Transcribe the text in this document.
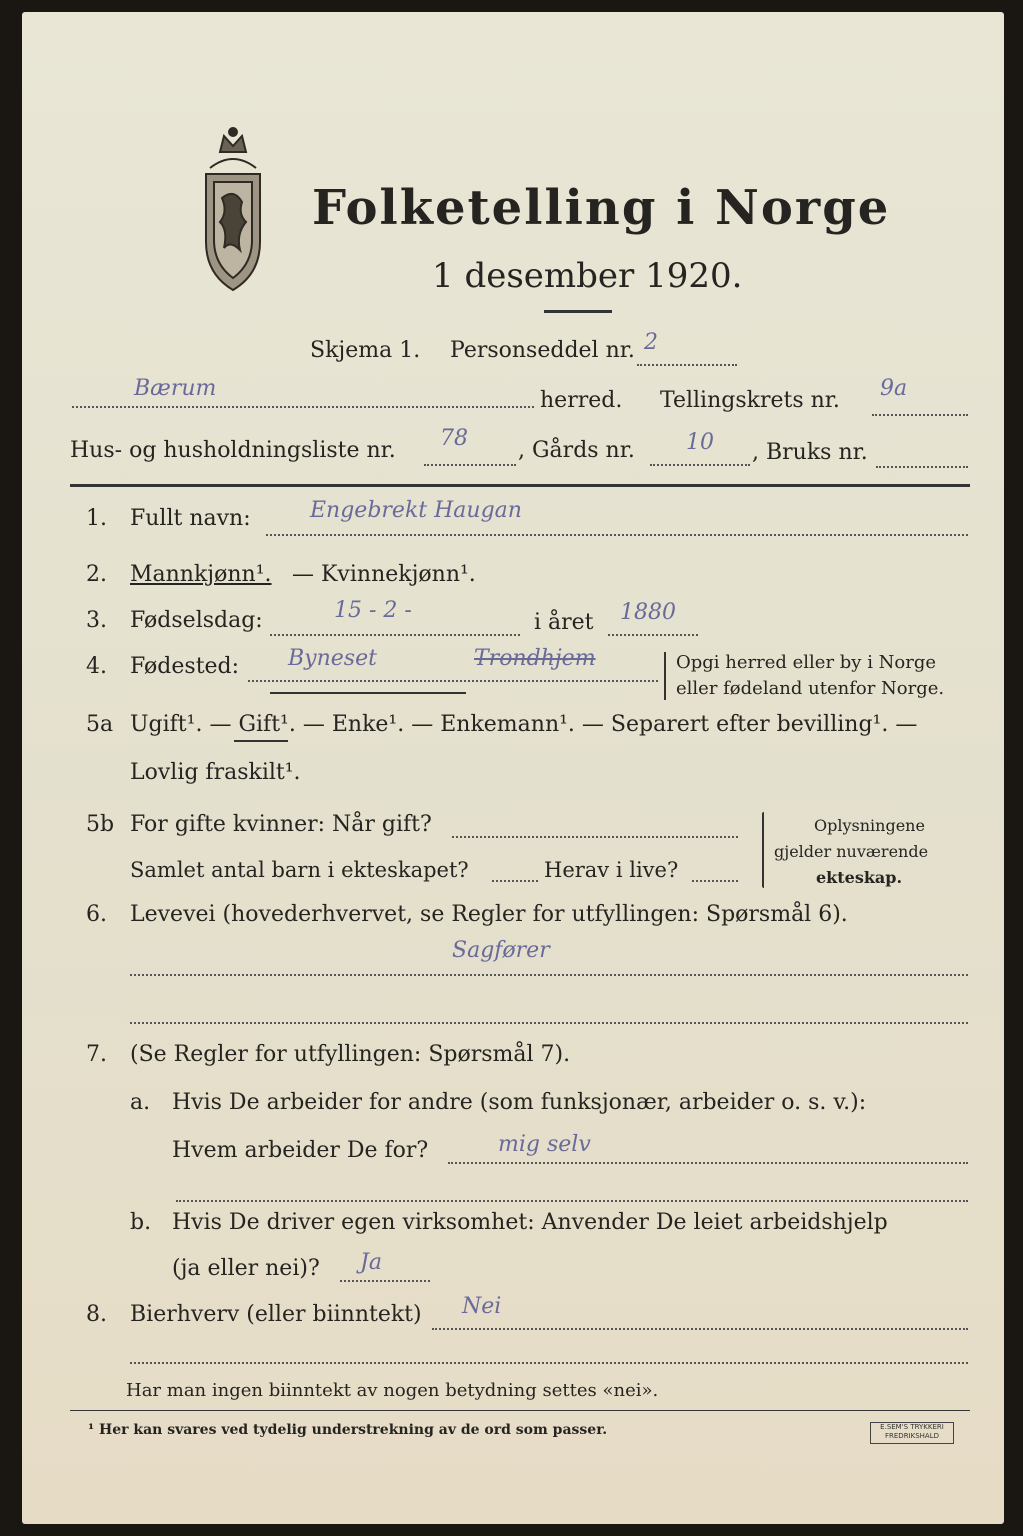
Folketelling i Norge
1 desember 1920.
Skjema 1. Personseddel nr. 2
Bærum	herred. Tellingskrets nr. 9a
Hus- og husholdningsliste nr. 78 , Gårds nr. 10 , Bruks nr.
1. Fullt navn:	Engebrekt Haugan
2. Mannkjønn¹. — Kvinnekjønn¹.
3. Fødselsdag:	15 - 2 -	i året 1880
4. Fødested: Byneset	Trondhjem	Opgi herred eller by i Norge
eller fødeland utenfor Norge.
5a Ugift¹. — Gift¹. — Enke¹. — Enkemann¹. — Separert efter bevilling¹. —
Lovlig fraskilt¹.
5b For gifte kvinner: Når gift?
Samlet antal barn i ekteskapet?	Herav i live?
Oplysningene
gjelder nuværende
ekteskap.
6. Levevei (hovederhvervet, se Regler for utfyllingen: Spørsmål 6).
Sagfører
7. (Se Regler for utfyllingen: Spørsmål 7).
a. Hvis De arbeider for andre (som funksjonær, arbeider o. s. v.):
Hvem arbeider De for?	mig selv
b. Hvis De driver egen virksomhet: Anvender De leiet arbeidshjelp
(ja eller nei)? Ja
8. Bierhverv (eller biinntekt) Nei
Har man ingen biinntekt av nogen betydning settes «nei».
¹ Her kan svares ved tydelig understrekning av de ord som passer.	E.SEM'S TRYKKERI
FREDRIKSHALD
